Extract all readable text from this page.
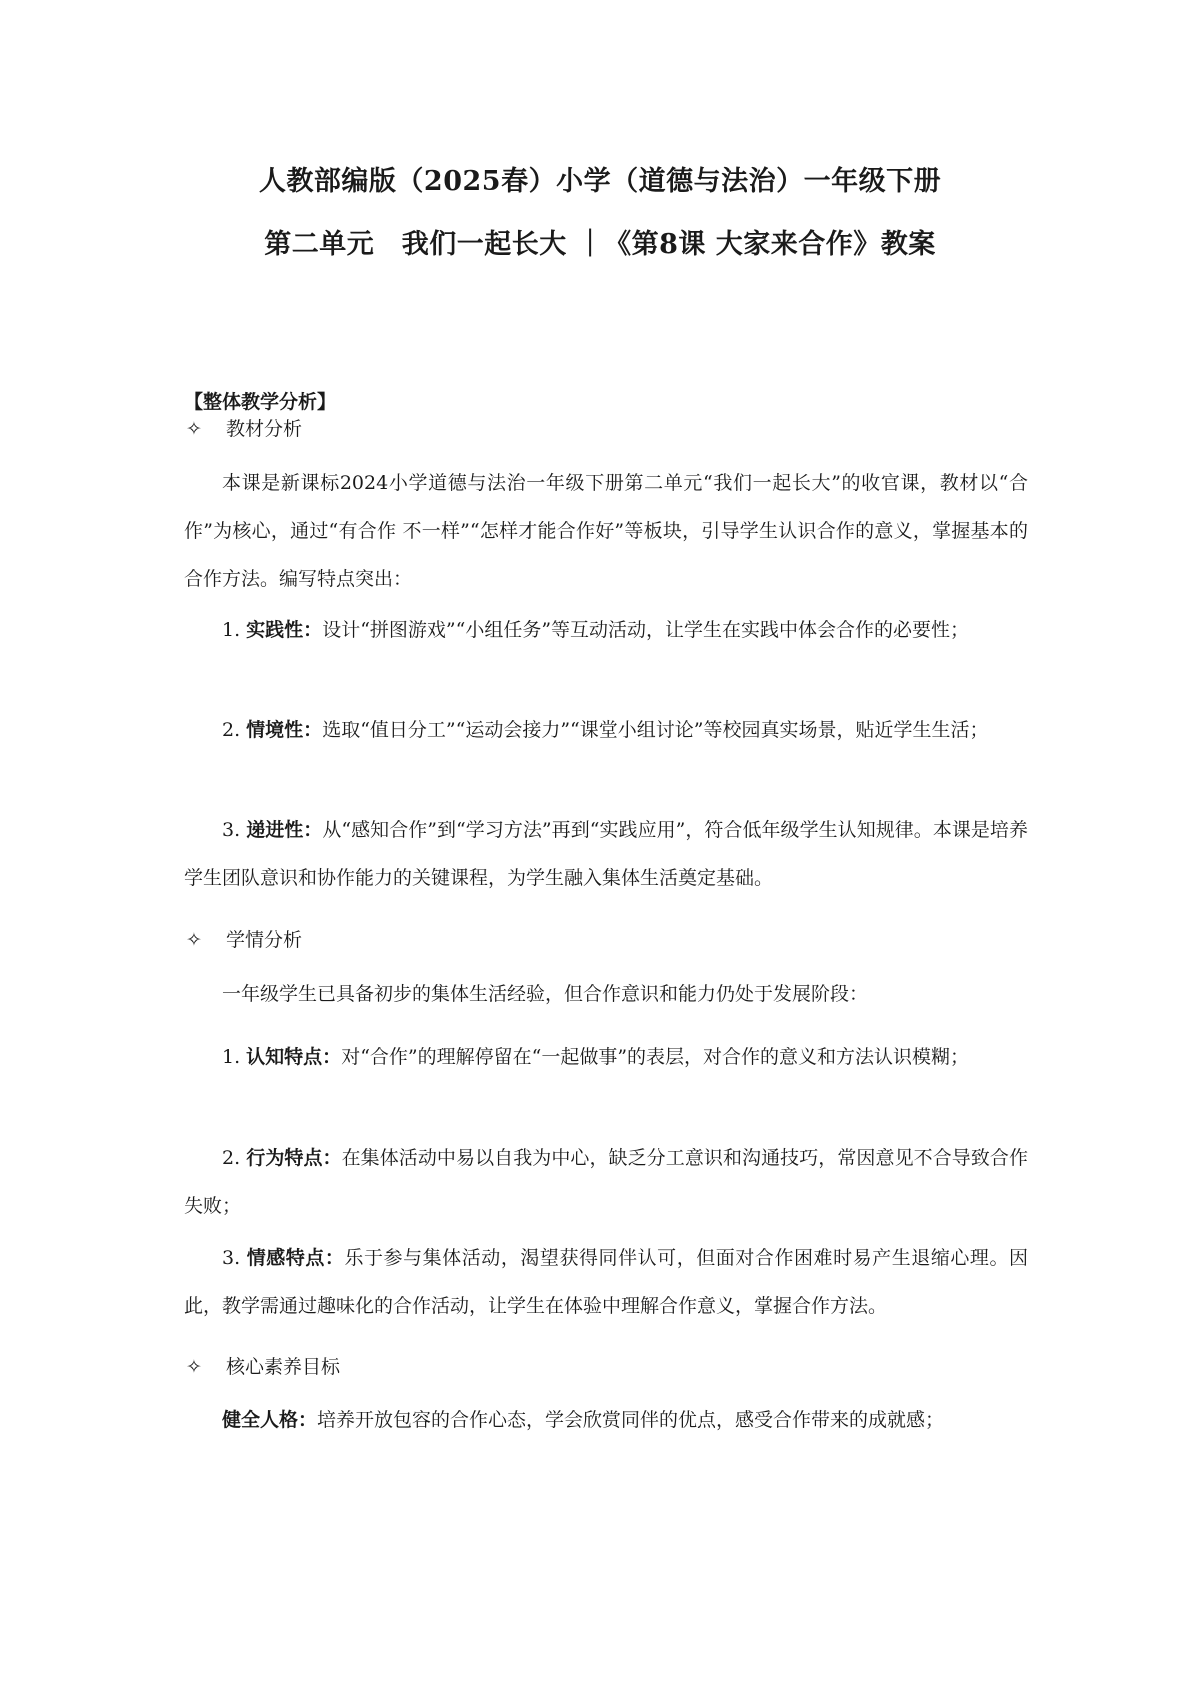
人教部编版（2025春）小学（道德与法治）一年级下册
第二单元　我们一起长大 ｜《第8课 大家来合作》教案
【整体教学分析】
✧ 教材分析
本课是新课标2024小学道德与法治一年级下册第二单元“我们一起长大”的收官课，教材以“合作”为核心，通过“有合作 不一样”“怎样才能合作好”等板块，引导学生认识合作的意义，掌握基本的合作方法。编写特点突出：
1. 实践性：设计“拼图游戏”“小组任务”等互动活动，让学生在实践中体会合作的必要性；
2. 情境性：选取“值日分工”“运动会接力”“课堂小组讨论”等校园真实场景，贴近学生生活；
3. 递进性：从“感知合作”到“学习方法”再到“实践应用”，符合低年级学生认知规律。本课是培养学生团队意识和协作能力的关键课程，为学生融入集体生活奠定基础。
✧ 学情分析
一年级学生已具备初步的集体生活经验，但合作意识和能力仍处于发展阶段：
1. 认知特点：对“合作”的理解停留在“一起做事”的表层，对合作的意义和方法认识模糊；
2. 行为特点：在集体活动中易以自我为中心，缺乏分工意识和沟通技巧，常因意见不合导致合作失败；
3. 情感特点：乐于参与集体活动，渴望获得同伴认可，但面对合作困难时易产生退缩心理。因此，教学需通过趣味化的合作活动，让学生在体验中理解合作意义，掌握合作方法。
✧ 核心素养目标
健全人格：培养开放包容的合作心态，学会欣赏同伴的优点，感受合作带来的成就感；
